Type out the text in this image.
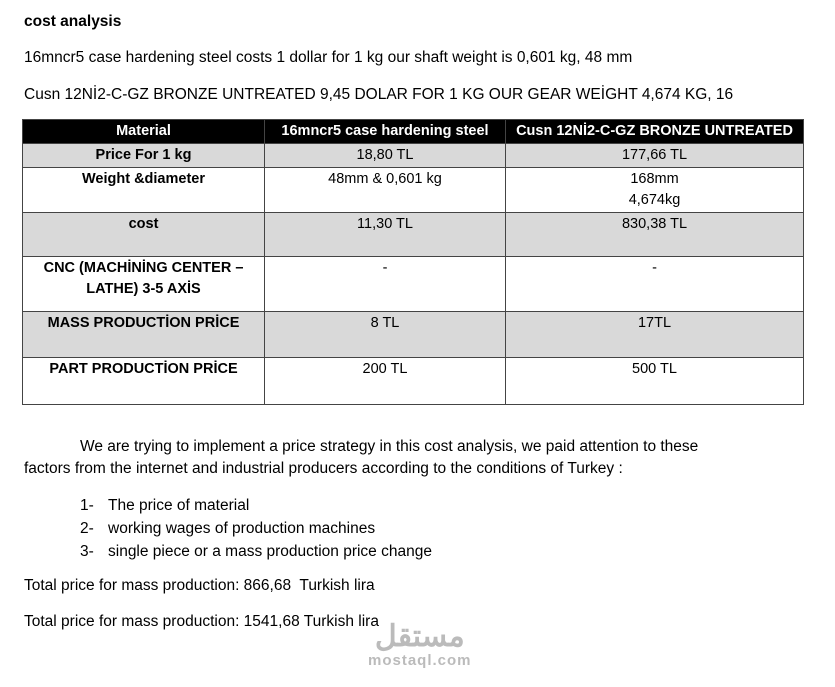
cost analysis
16mncr5 case hardening steel costs 1 dollar for 1 kg our shaft weight is 0,601 kg, 48 mm
Cusn 12Nİ2-C-GZ BRONZE UNTREATED 9,45 DOLAR FOR 1 KG OUR GEAR WEİGHT 4,674 KG, 16
Material	16mncr5 case hardening steel	Cusn 12Nİ2-C-GZ BRONZE UNTREATED
Price For 1 kg	18,80 TL	177,66 TL
Weight &diameter	48mm & 0,601 kg	168mm
4,674kg

cost	11,30 TL	830,38 TL

CNC (MACHİNİNG CENTER –
LATHE) 3-5 AXİS	-	-
MASS PRODUCTİON PRİCE	8 TL	17TL
PART PRODUCTİON PRİCE	200 TL	500 TL
We are trying to implement a price strategy in this cost analysis, we paid attention to these
factors from the internet and industrial producers according to the conditions of Turkey :
1- The price of material
2- working wages of production machines
3- single piece or a mass production price change
Total price for mass production: 866,68  Turkish lira
Total price for mass production: 1541,68 Turkish lira
مستقل
mostaql.com
